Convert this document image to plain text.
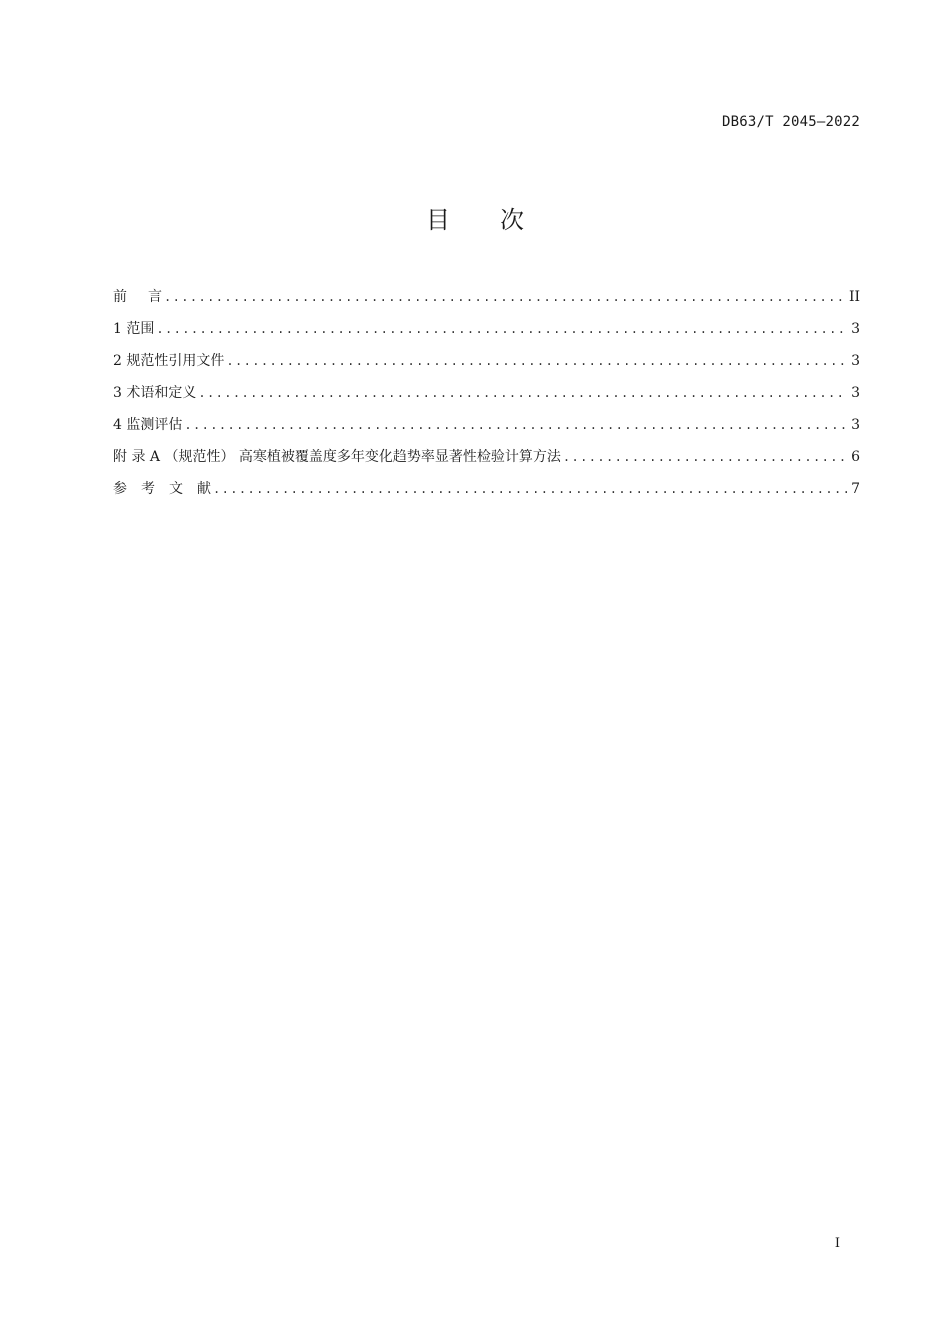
DB63/T 2045—2022
目 次
前言 .....	II
1 范围 .....	3
2 规范性引用文件 .....	3
3 术语和定义 .....	3
4 监测评估 .....	3
附 录 A （规范性） 高寒植被覆盖度多年变化趋势率显著性检验计算方法 .....	6
参考文献 .....	7
I
